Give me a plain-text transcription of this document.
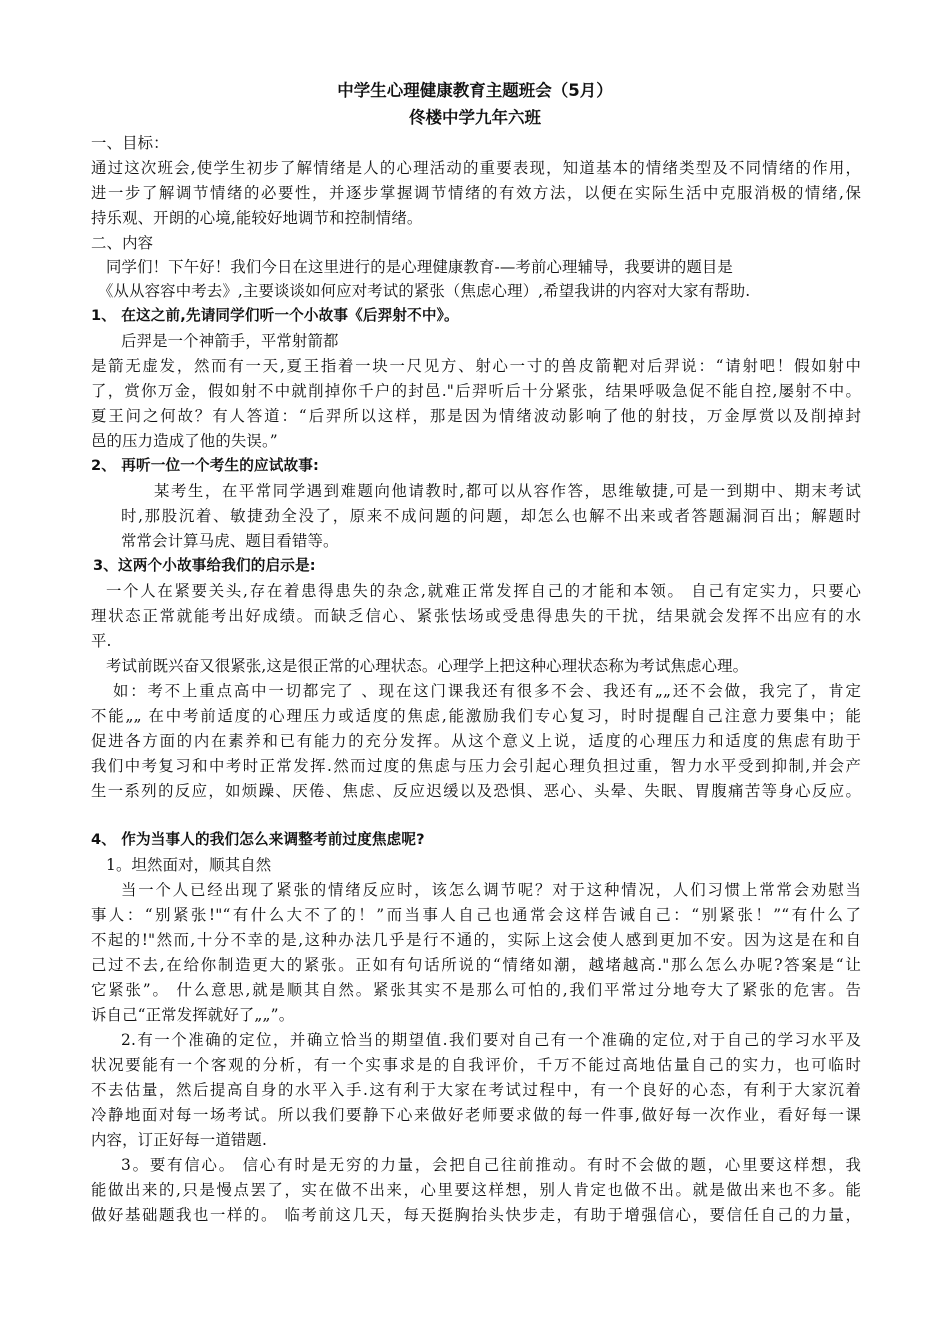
中学生心理健康教育主题班会（5月）
佟楼中学九年六班
一、目标：
通过这次班会,使学生初步了解情绪是人的心理活动的重要表现，知道基本的情绪类型及不同情绪的作用，
进一步了解调节情绪的必要性，并逐步掌握调节情绪的有效方法，以便在实际生活中克服消极的情绪,保
持乐观、开朗的心境,能较好地调节和控制情绪。
二、内容
同学们！下午好！我们今日在这里进行的是心理健康教育-—考前心理辅导，我要讲的题目是
《从从容容中考去》,主要谈谈如何应对考试的紧张（焦虑心理）,希望我讲的内容对大家有帮助.
1、 在这之前,先请同学们听一个小故事《后羿射不中》。
后羿是一个神箭手，平常射箭都
是箭无虚发，然而有一天,夏王指着一块一尺见方、射心一寸的兽皮箭靶对后羿说：“请射吧！假如射中
了，赏你万金，假如射不中就削掉你千户的封邑."后羿听后十分紧张，结果呼吸急促不能自控,屡射不中。
夏王问之何故？有人答道：“后羿所以这样，那是因为情绪波动影响了他的射技，万金厚赏以及削掉封
邑的压力造成了他的失误。”
2、 再听一位一个考生的应试故事:
某考生，在平常同学遇到难题向他请教时,都可以从容作答，思维敏捷,可是一到期中、期末考试
时,那股沉着、敏捷劲全没了，原来不成问题的问题，却怎么也解不出来或者答题漏洞百出；解题时
常常会计算马虎、题目看错等。
3、这两个小故事给我们的启示是:
一个人在紧要关头,存在着患得患失的杂念,就难正常发挥自己的才能和本领。 自己有定实力，只要心
理状态正常就能考出好成绩。而缺乏信心、紧张怯场或受患得患失的干扰，结果就会发挥不出应有的水
平.
考试前既兴奋又很紧张,这是很正常的心理状态。心理学上把这种心理状态称为考试焦虑心理。
如：考不上重点高中一切都完了 、现在这门课我还有很多不会、我还有„„还不会做，我完了，肯定
不能„„ 在中考前适度的心理压力或适度的焦虑,能激励我们专心复习，时时提醒自己注意力要集中；能
促进各方面的内在素养和已有能力的充分发挥。从这个意义上说，适度的心理压力和适度的焦虑有助于
我们中考复习和中考时正常发挥.然而过度的焦虑与压力会引起心理负担过重，智力水平受到抑制,并会产
生一系列的反应，如烦躁、厌倦、焦虑、反应迟缓以及恐惧、恶心、头晕、失眠、胃腹痛苦等身心反应。
4、 作为当事人的我们怎么来调整考前过度焦虑呢?
1。坦然面对，顺其自然
当一个人已经出现了紧张的情绪反应时，该怎么调节呢？对于这种情况，人们习惯上常常会劝慰当
事人：“别紧张!"“有什么大不了的！”而当事人自己也通常会这样告诫自己：“别紧张！”“有什么了
不起的!"然而,十分不幸的是,这种办法几乎是行不通的，实际上这会使人感到更加不安。因为这是在和自
己过不去,在给你制造更大的紧张。正如有句话所说的“情绪如潮，越堵越高."那么怎么办呢?答案是“让
它紧张”。 什么意思,就是顺其自然。紧张其实不是那么可怕的,我们平常过分地夸大了紧张的危害。告
诉自己“正常发挥就好了„„”。
2.有一个准确的定位，并确立恰当的期望值.我们要对自己有一个准确的定位,对于自己的学习水平及
状况要能有一个客观的分析，有一个实事求是的自我评价，千万不能过高地估量自己的实力，也可临时
不去估量，然后提高自身的水平入手.这有利于大家在考试过程中，有一个良好的心态，有利于大家沉着
冷静地面对每一场考试。所以我们要静下心来做好老师要求做的每一件事,做好每一次作业，看好每一课
内容，订正好每一道错题.
3。要有信心。 信心有时是无穷的力量，会把自己往前推动。有时不会做的题，心里要这样想，我
能做出来的,只是慢点罢了，实在做不出来，心里要这样想，别人肯定也做不出。就是做出来也不多。能
做好基础题我也一样的。 临考前这几天，每天挺胸抬头快步走，有助于增强信心，要信任自己的力量，
